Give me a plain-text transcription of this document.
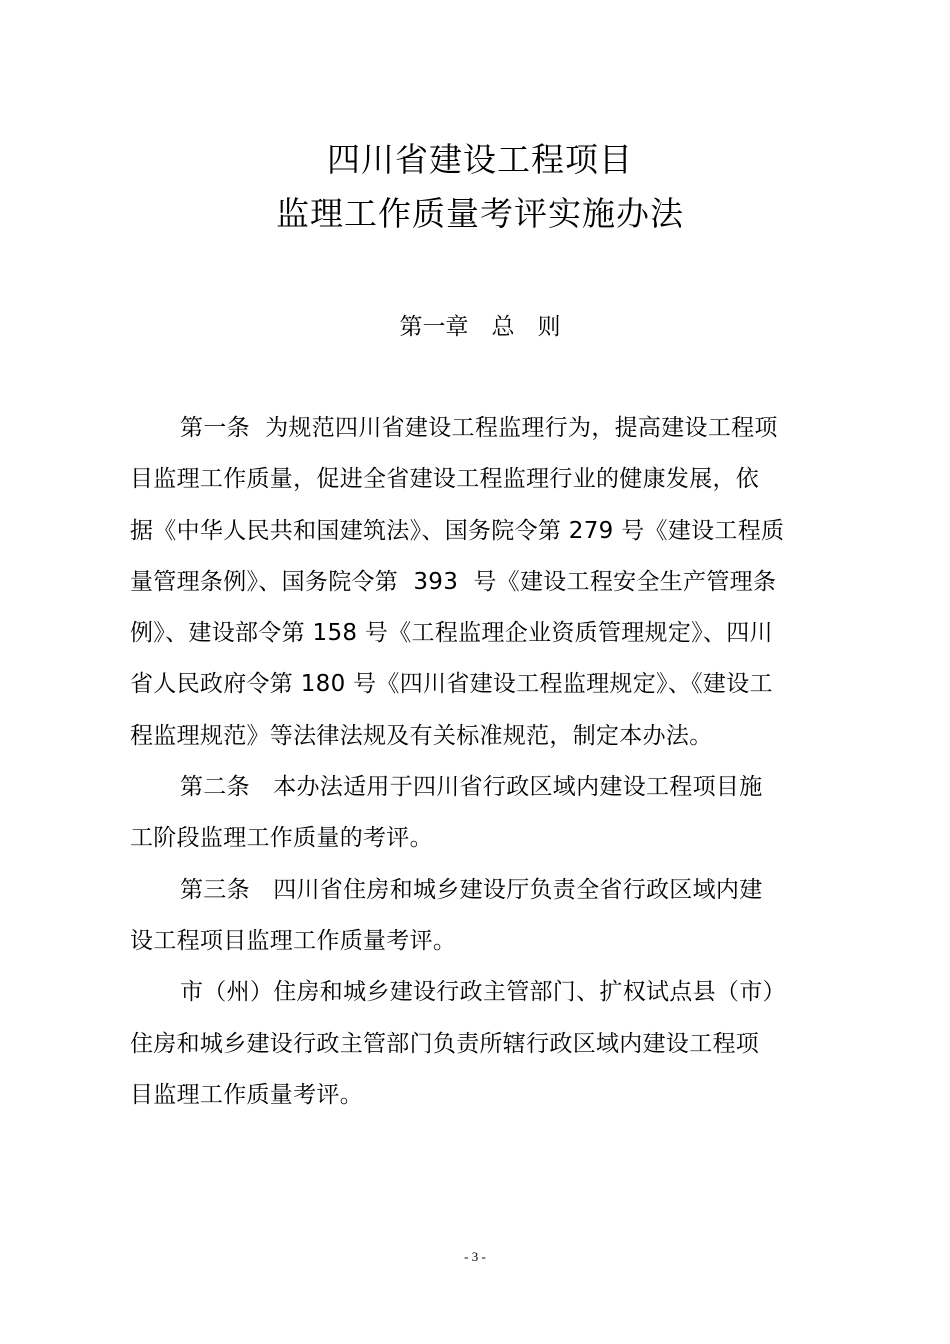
四川省建设工程项目
监理工作质量考评实施办法
第一章　总　则
第一条  为规范四川省建设工程监理行为，提高建设工程项
目监理工作质量，促进全省建设工程监理行业的健康发展，依
据《中华人民共和国建筑法》、国务院令第 279 号《建设工程质
量管理条例》、国务院令第  393  号《建设工程安全生产管理条
例》、建设部令第 158 号《工程监理企业资质管理规定》、四川
省人民政府令第 180 号《四川省建设工程监理规定》、《建设工
程监理规范》等法律法规及有关标准规范，制定本办法。
第二条　本办法适用于四川省行政区域内建设工程项目施
工阶段监理工作质量的考评。
第三条　四川省住房和城乡建设厅负责全省行政区域内建
设工程项目监理工作质量考评。
市（州）住房和城乡建设行政主管部门、扩权试点县（市）
住房和城乡建设行政主管部门负责所辖行政区域内建设工程项
目监理工作质量考评。
- 3 -
